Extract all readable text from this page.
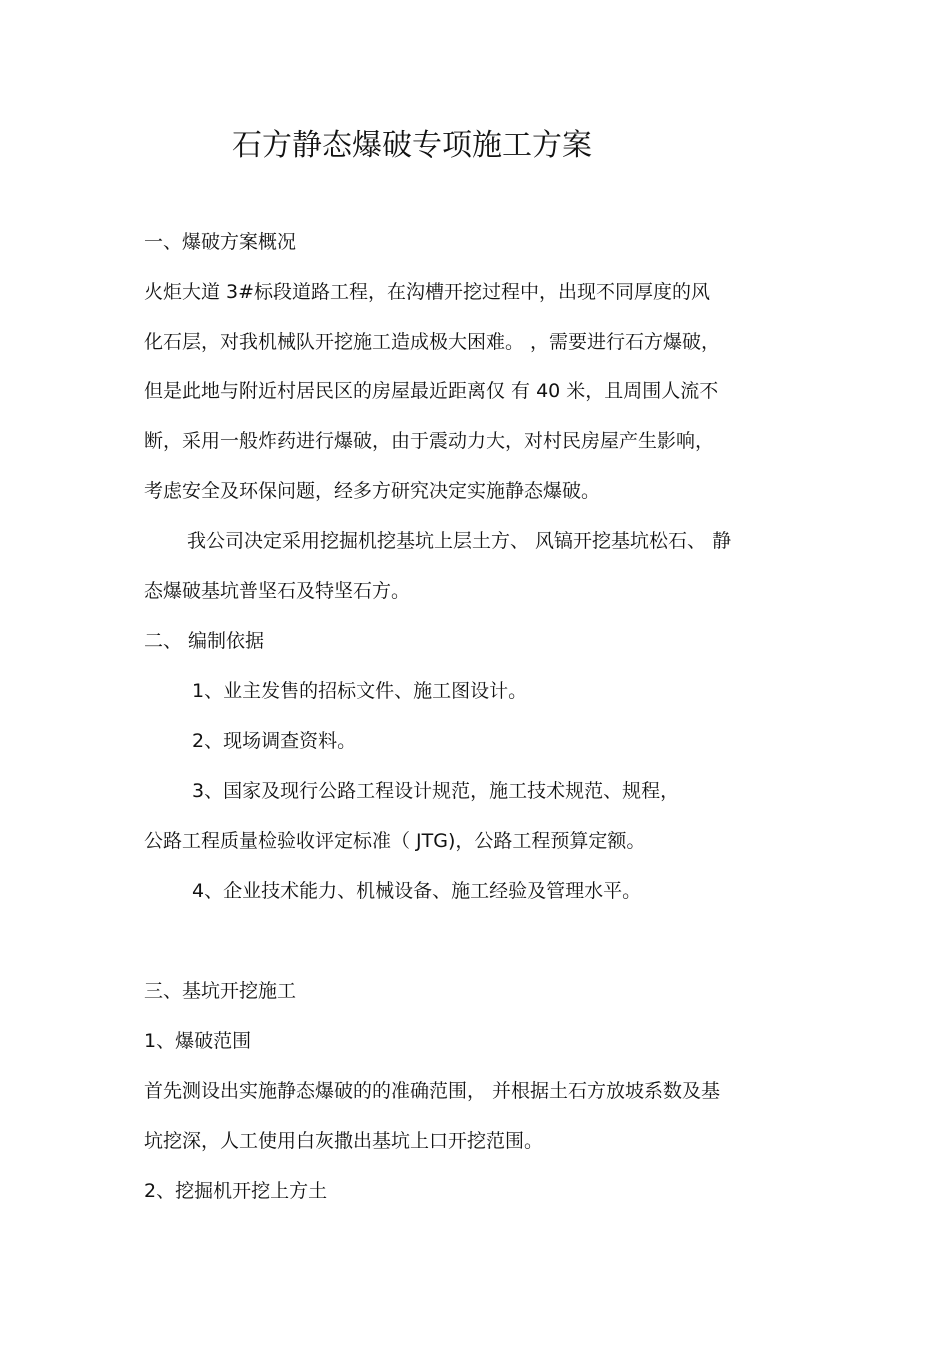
石方静态爆破专项施工方案
一、爆破方案概况
火炬大道 3#标段道路工程，在沟槽开挖过程中，出现不同厚度的风
化石层，对我机械队开挖施工造成极大困难。 ，需要进行石方爆破，
但是此地与附近村居民区的房屋最近距离仅 有 40 米，且周围人流不
断，采用一般炸药进行爆破，由于震动力大，对村民房屋产生影响，
考虑安全及环保问题，经多方研究决定实施静态爆破。
我公司决定采用挖掘机挖基坑上层土方、 风镐开挖基坑松石、 静
态爆破基坑普坚石及特坚石方。
二、 编制依据
1、业主发售的招标文件、施工图设计。
2、现场调查资料。
3、国家及现行公路工程设计规范，施工技术规范、规程，
公路工程质量检验收评定标准（ JTG)，公路工程预算定额。
4、企业技术能力、机械设备、施工经验及管理水平。
三、基坑开挖施工
1、爆破范围
首先测设出实施静态爆破的的准确范围， 并根据土石方放坡系数及基
坑挖深，人工使用白灰撒出基坑上口开挖范围。
2、挖掘机开挖上方土
